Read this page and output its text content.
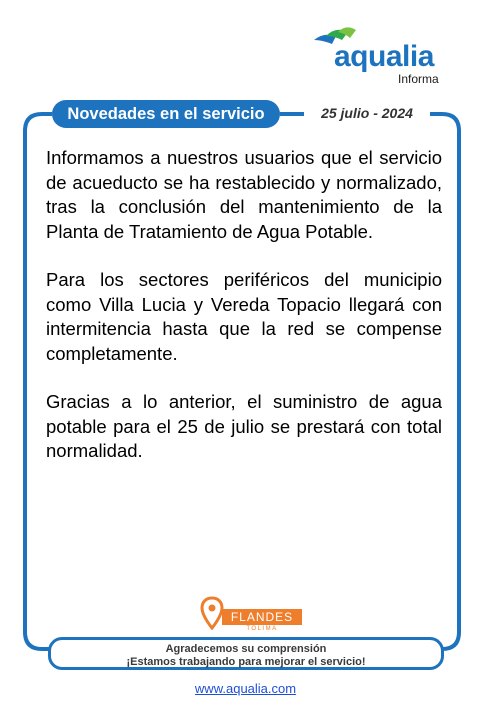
aqualia
Informa
Novedades en el servicio	25 julio - 2024

Informamos a nuestros usuarios que el servicio de acueducto se ha restablecido y normalizado, tras la conclusión del mantenimiento de la Planta de Tratamiento de Agua Potable.

Para los sectores periféricos del municipio como Villa Lucia y Vereda Topacio llegará con intermitencia hasta que la red se compense completamente.

Gracias a lo anterior, el suministro de agua potable para el 25 de julio se prestará con total normalidad.

FLANDES
TOLIMA
Agradecemos su comprensión
¡Estamos trabajando para mejorar el servicio!
www.aqualia.com
